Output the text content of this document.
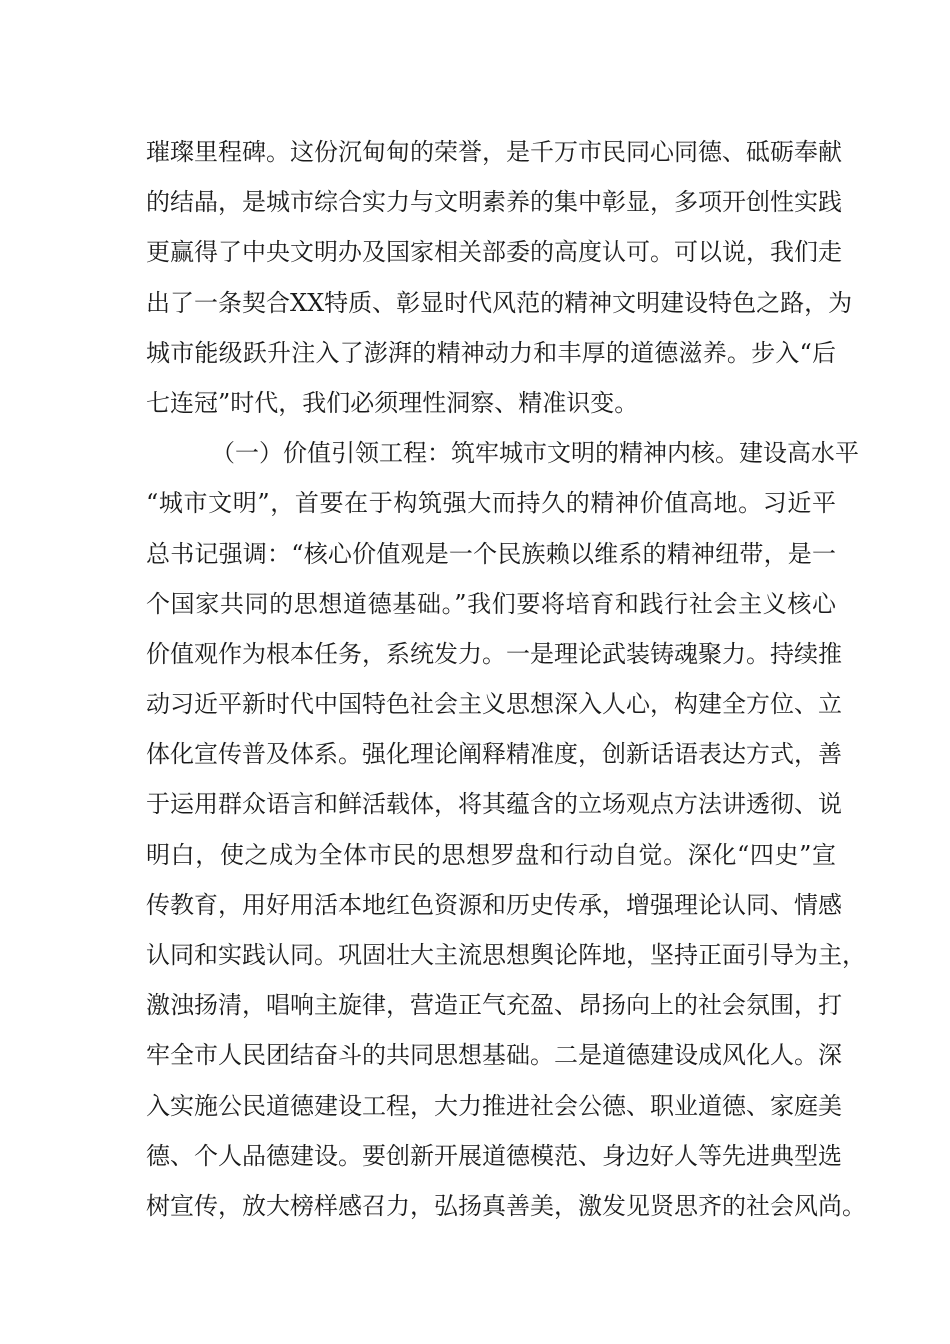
璀璨里程碑。这份沉甸甸的荣誉，是千万市民同心同德、砥砺奉献
的结晶，是城市综合实力与文明素养的集中彰显，多项开创性实践
更赢得了中央文明办及国家相关部委的高度认可。可以说，我们走
出了一条契合XX特质、彰显时代风范的精神文明建设特色之路，为
城市能级跃升注入了澎湃的精神动力和丰厚的道德滋养。步入“后
七连冠”时代，我们必须理性洞察、精准识变。
（一）价值引领工程：筑牢城市文明的精神内核。建设高水平
“城市文明”，首要在于构筑强大而持久的精神价值高地。习近平
总书记强调：“核心价值观是一个民族赖以维系的精神纽带，是一
个国家共同的思想道德基础。”我们要将培育和践行社会主义核心
价值观作为根本任务，系统发力。一是理论武装铸魂聚力。持续推
动习近平新时代中国特色社会主义思想深入人心，构建全方位、立
体化宣传普及体系。强化理论阐释精准度，创新话语表达方式，善
于运用群众语言和鲜活载体，将其蕴含的立场观点方法讲透彻、说
明白，使之成为全体市民的思想罗盘和行动自觉。深化“四史”宣
传教育，用好用活本地红色资源和历史传承，增强理论认同、情感
认同和实践认同。巩固壮大主流思想舆论阵地，坚持正面引导为主，
激浊扬清，唱响主旋律，营造正气充盈、昂扬向上的社会氛围，打
牢全市人民团结奋斗的共同思想基础。二是道德建设成风化人。深
入实施公民道德建设工程，大力推进社会公德、职业道德、家庭美
德、个人品德建设。要创新开展道德模范、身边好人等先进典型选
树宣传，放大榜样感召力，弘扬真善美，激发见贤思齐的社会风尚。
